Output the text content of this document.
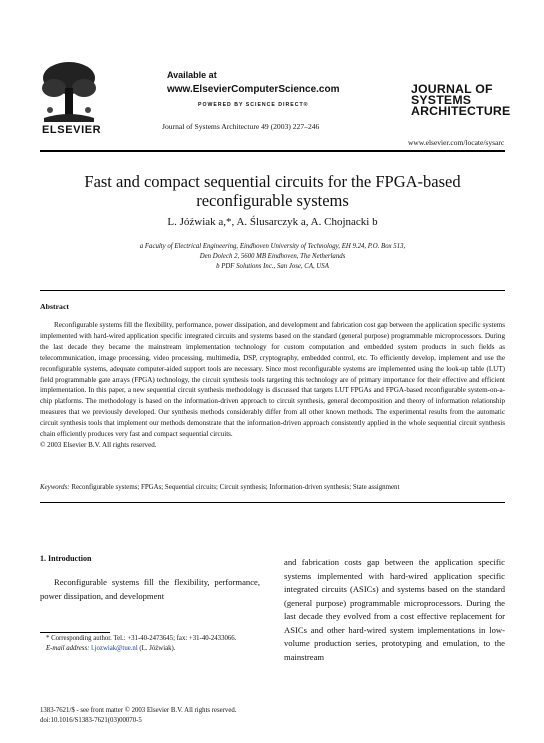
ELSEVIER
Available at
www.ElsevierComputerScience.com
POWERED BY SCIENCE DIRECT®
Journal of Systems Architecture 49 (2003) 227–246
JOURNAL OF
SYSTEMS
ARCHITECTURE
www.elsevier.com/locate/sysarc
Fast and compact sequential circuits for the FPGA-based
reconfigurable systems
L. Jóźwiak a,*, A. Ślusarczyk a, A. Chojnacki b
a Faculty of Electrical Engineering, Eindhoven University of Technology, EH 9.24, P.O. Box 513,
Den Dolech 2, 5600 MB Eindhoven, The Netherlands
b PDF Solutions Inc., San Jose, CA, USA
Abstract

Reconfigurable systems fill the flexibility, performance, power dissipation, and development and fabrication cost gap between the application specific systems implemented with hard-wired application specific integrated circuits and systems based on the standard (general purpose) programmable microprocessors. During the last decade they became the mainstream implementation technology for custom computation and embedded system products in such fields as telecommunication, image processing, video processing, multimedia, DSP, cryptography, embedded control, etc. To efficiently develop, implement and use the reconfigurable systems, adequate computer-aided support tools are necessary. Since most reconfigurable systems are implemented using the look-up table (LUT) field programmable gate arrays (FPGA) technology, the circuit synthesis tools targeting this technology are of primary importance for their effective and efficient implementation. In this paper, a new sequential circuit synthesis methodology is discussed that targets LUT FPGAs and FPGA-based reconfigurable system-on-a-chip platforms. The methodology is based on the information-driven approach to circuit synthesis, general decomposition and theory of information relationship measures that we previously developed. Our synthesis methods considerably differ from all other known methods. The experimental results from the automatic circuit synthesis tools that implement our methods demonstrate that the information-driven approach consistently applied in the whole sequential circuit synthesis chain efficiently produces very fast and compact sequential circuits.

© 2003 Elsevier B.V. All rights reserved.
Keywords: Reconfigurable systems; FPGAs; Sequential circuits; Circuit synthesis; Information-driven synthesis; State assignment
1. Introduction
Reconfigurable systems fill the flexibility, performance, power dissipation, and development
and fabrication costs gap between the application specific systems implemented with hard-wired application specific integrated circuits (ASICs) and systems based on the standard (general purpose) programmable microprocessors. During the last decade they evolved from a cost effective replacement for ASICs and other hard-wired system implementations in low-volume production series, prototyping and emulation, to the mainstream
* Corresponding author. Tel.: +31-40-2473645; fax: +31-40-2433066.
E-mail address: l.jozwiak@tue.nl (L. Jóźwiak).
1383-7621/$ - see front matter © 2003 Elsevier B.V. All rights reserved.
doi:10.1016/S1383-7621(03)00070-5
